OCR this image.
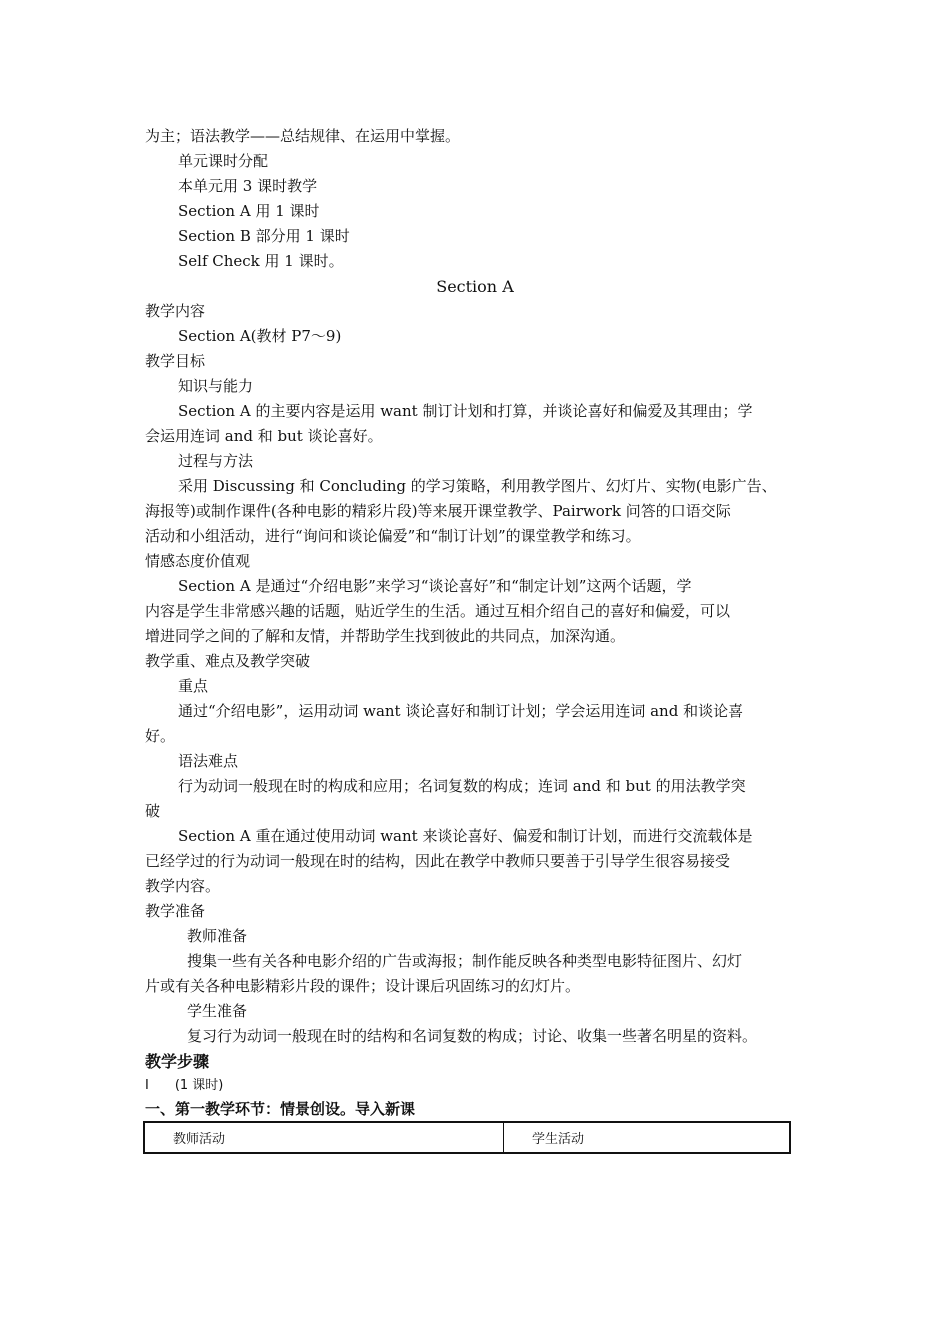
为主；语法教学——总结规律、在运用中掌握。
单元课时分配
本单元用 3 课时教学
Section A 用 1 课时
Section B 部分用 1 课时
Self Check 用 1 课时。
Section A
教学内容
Section A(教材 P7～9)
教学目标
知识与能力
Section A 的主要内容是运用 want 制订计划和打算，并谈论喜好和偏爱及其理由；学
会运用连词 and 和 but 谈论喜好。
过程与方法
采用 Discussing 和 Concluding 的学习策略，利用教学图片、幻灯片、实物(电影广告、
海报等)或制作课件(各种电影的精彩片段)等来展开课堂教学、Pairwork 问答的口语交际
活动和小组活动，进行“询问和谈论偏爱”和“制订计划”的课堂教学和练习。
情感态度价值观
Section A 是通过“介绍电影”来学习“谈论喜好”和“制定计划”这两个话题，学
内容是学生非常感兴趣的话题，贴近学生的生活。通过互相介绍自己的喜好和偏爱，可以
增进同学之间的了解和友情，并帮助学生找到彼此的共同点，加深沟通。
教学重、难点及教学突破
重点
通过“介绍电影”，运用动词 want 谈论喜好和制订计划；学会运用连词 and 和谈论喜
好。
语法难点
行为动词一般现在时的构成和应用；名词复数的构成；连词 and 和 but 的用法教学突
破
Section A 重在通过使用动词 want 来谈论喜好、偏爱和制订计划，而进行交流载体是
已经学过的行为动词一般现在时的结构，因此在教学中教师只要善于引导学生很容易接受
教学内容。
教学准备
教师准备
搜集一些有关各种电影介绍的广告或海报；制作能反映各种类型电影特征图片、幻灯
片或有关各种电影精彩片段的课件；设计课后巩固练习的幻灯片。
学生准备
复习行为动词一般现在时的结构和名词复数的构成；讨论、收集一些著名明星的资料。
教学步骤
Ⅰ　　(1 课时)
一、第一教学环节：情景创设。导入新课
教师活动	学生活动
